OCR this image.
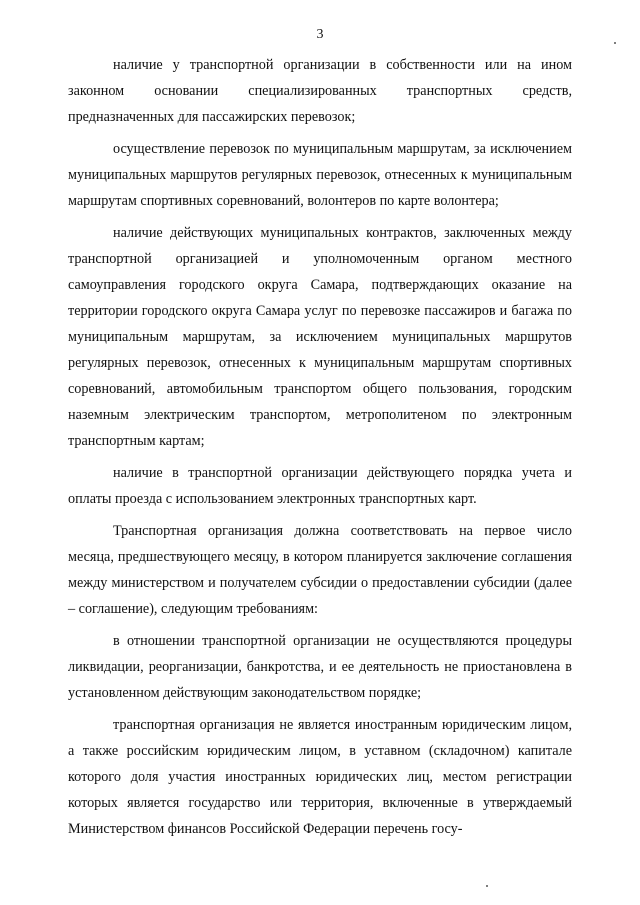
3

наличие у транспортной организации в собственности или на ином законном основании специализированных транспортных средств, предназначенных для пассажирских перевозок;

осуществление перевозок по муниципальным маршрутам, за исключением муниципальных маршрутов регулярных перевозок, отнесенных к муниципальным маршрутам спортивных соревнований, волонтеров по карте волонтера;

наличие действующих муниципальных контрактов, заключенных между транспортной организацией и уполномоченным органом местного самоуправления городского округа Самара, подтверждающих оказание на территории городского округа Самара услуг по перевозке пассажиров и багажа по муниципальным маршрутам, за исключением муниципальных маршрутов регулярных перевозок, отнесенных к муниципальным маршрутам спортивных соревнований, автомобильным транспортом общего пользования, городским наземным электрическим транспортом, метрополитеном по электронным транспортным картам;

наличие в транспортной организации действующего порядка учета и оплаты проезда с использованием электронных транспортных карт.

Транспортная организация должна соответствовать на первое число месяца, предшествующего месяцу, в котором планируется заключение соглашения между министерством и получателем субсидии о предоставлении субсидии (далее – соглашение), следующим требованиям:

в отношении транспортной организации не осуществляются процедуры ликвидации, реорганизации, банкротства, и ее деятельность не приостановлена в установленном действующим законодательством порядке;

транспортная организация не является иностранным юридическим лицом, а также российским юридическим лицом, в уставном (складочном) капитале которого доля участия иностранных юридических лиц, местом регистрации которых является государство или территория, включенные в утверждаемый Министерством финансов Российской Федерации перечень госу-
